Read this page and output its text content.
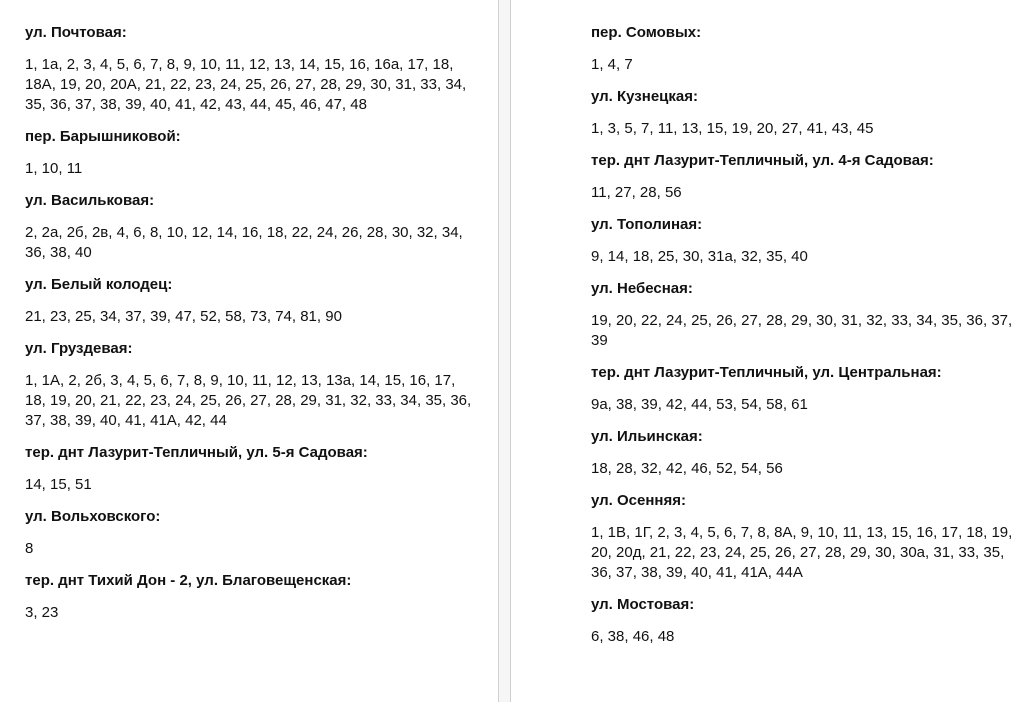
ул. Почтовая:

1, 1а, 2, 3, 4, 5, 6, 7, 8, 9, 10, 11, 12, 13, 14, 15, 16, 16а, 17, 18, 18А, 19, 20, 20А, 21, 22, 23, 24, 25, 26, 27, 28, 29, 30, 31, 33, 34, 35, 36, 37, 38, 39, 40, 41, 42, 43, 44, 45, 46, 47, 48

пер. Барышниковой:

1, 10, 11

ул. Васильковая:

2, 2а, 2б, 2в, 4, 6, 8, 10, 12, 14, 16, 18, 22, 24, 26, 28, 30, 32, 34, 36, 38, 40

ул. Белый колодец:

21, 23, 25, 34, 37, 39, 47, 52, 58, 73, 74, 81, 90

ул. Груздевая:

1, 1А, 2, 2б, 3, 4, 5, 6, 7, 8, 9, 10, 11, 12, 13, 13а, 14, 15, 16, 17, 18, 19, 20, 21, 22, 23, 24, 25, 26, 27, 28, 29, 31, 32, 33, 34, 35, 36, 37, 38, 39, 40, 41, 41А, 42, 44

тер. днт Лазурит-Тепличный, ул. 5-я Садовая:

14, 15, 51

ул. Вольховского:

8

тер. днт Тихий Дон - 2, ул. Благовещенская:

3, 23

пер. Сомовых:

1, 4, 7

ул. Кузнецкая:

1, 3, 5, 7, 11, 13, 15, 19, 20, 27, 41, 43, 45

тер. днт Лазурит-Тепличный, ул. 4-я Садовая:

11, 27, 28, 56

ул. Тополиная:

9, 14, 18, 25, 30, 31а, 32, 35, 40

ул. Небесная:

19, 20, 22, 24, 25, 26, 27, 28, 29, 30, 31, 32, 33, 34, 35, 36, 37, 39

тер. днт Лазурит-Тепличный, ул. Центральная:

9а, 38, 39, 42, 44, 53, 54, 58, 61

ул. Ильинская:

18, 28, 32, 42, 46, 52, 54, 56

ул. Осенняя:

1, 1В, 1Г, 2, 3, 4, 5, 6, 7, 8, 8А, 9, 10, 11, 13, 15, 16, 17, 18, 19, 20, 20д, 21, 22, 23, 24, 25, 26, 27, 28, 29, 30, 30а, 31, 33, 35, 36, 37, 38, 39, 40, 41, 41А, 44А

ул. Мостовая:

6, 38, 46, 48
